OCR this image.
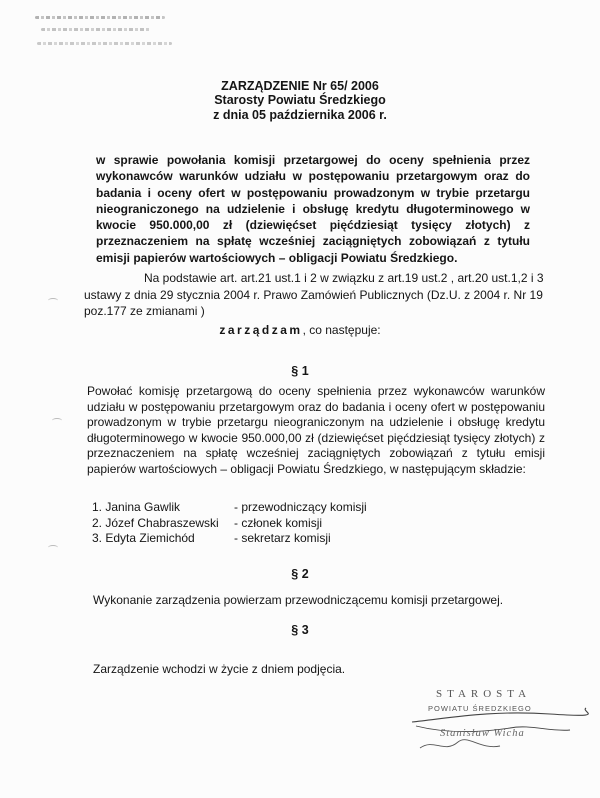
ZARZĄDZENIE Nr 65/ 2006
Starosty Powiatu Średzkiego
z dnia 05 października 2006 r.
w sprawie powołania komisji przetargowej do oceny spełnienia przez wykonawców warunków udziału w postępowaniu przetargowym oraz do badania i oceny ofert w postępowaniu prowadzonym w trybie przetargu nieograniczonego na udzielenie i obsługę kredytu długoterminowego w kwocie 950.000,00 zł (dziewięćset pięćdziesiąt tysięcy złotych) z przeznaczeniem na spłatę wcześniej zaciągniętych zobowiązań z tytułu emisji papierów wartościowych – obligacji Powiatu Średzkiego.
Na podstawie art. art.21 ust.1 i 2 w związku z art.19 ust.2 , art.20 ust.1,2 i 3 ustawy z dnia 29 stycznia 2004 r. Prawo Zamówień Publicznych (Dz.U. z 2004 r. Nr 19 poz.177 ze zmianami )
zarządzam, co następuje:
§ 1
Powołać komisję przetargową do oceny spełnienia przez wykonawców warunków udziału w postępowaniu przetargowym oraz do badania i oceny ofert w postępowaniu prowadzonym w trybie przetargu nieograniczonym na udzielenie i obsługę kredytu długoterminowego w kwocie 950.000,00 zł (dziewięćset pięćdziesiąt tysięcy złotych) z przeznaczeniem na spłatę wcześniej zaciągniętych zobowiązań z tytułu emisji papierów wartościowych – obligacji Powiatu Średzkiego, w następującym składzie:
1. Janina Gawlik	- przewodniczący komisji
2. Józef Chabraszewski	- członek komisji
3. Edyta Ziemichód	- sekretarz komisji
§ 2
Wykonanie zarządzenia powierzam przewodniczącemu komisji przetargowej.
§ 3
Zarządzenie wchodzi w życie z dniem podjęcia.
STAROSTA
POWIATU ŚREDZKIEGO
Stanisław Wicha
